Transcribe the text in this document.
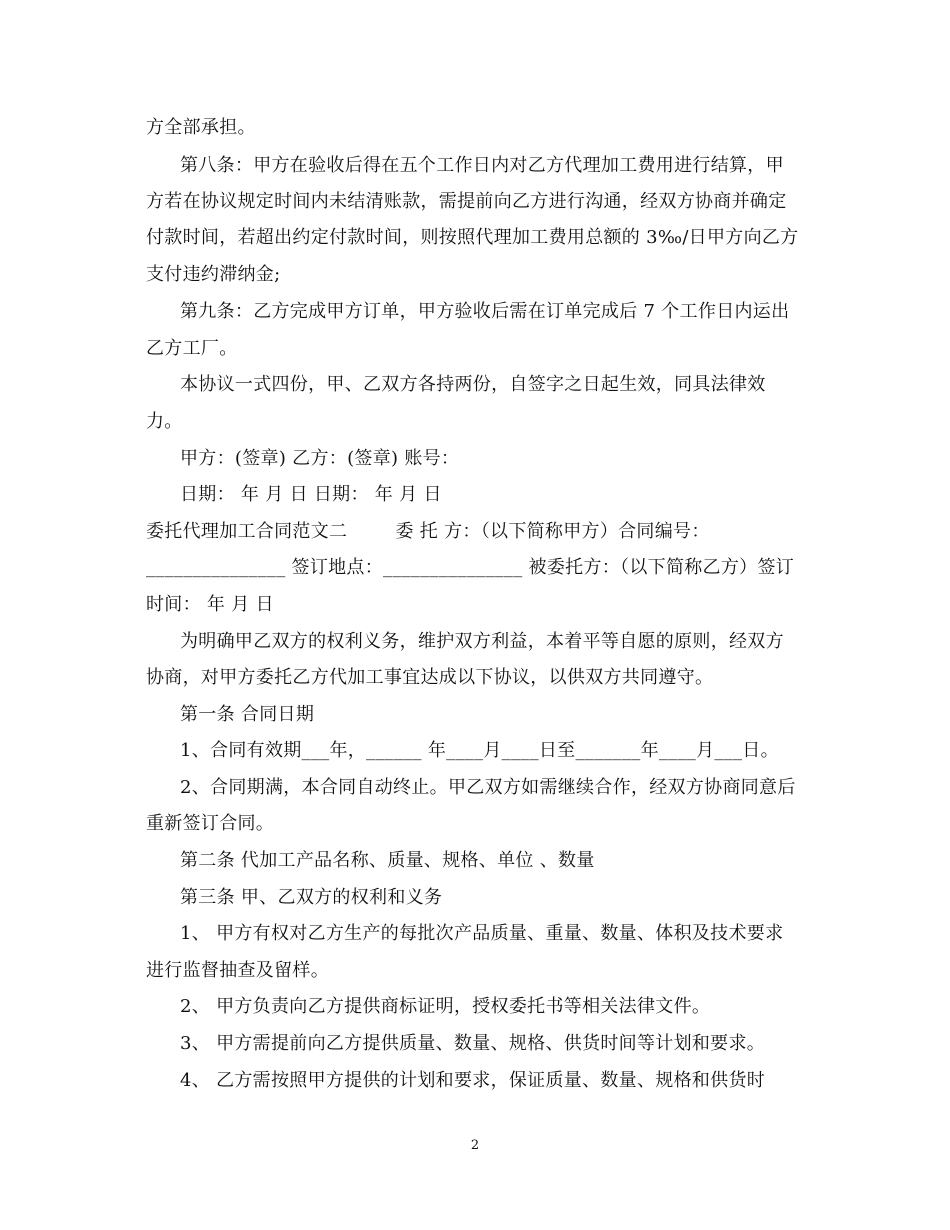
方全部承担。
第八条：甲方在验收后得在五个工作日内对乙方代理加工费用进行结算，甲
方若在协议规定时间内未结清账款，需提前向乙方进行沟通，经双方协商并确定
付款时间，若超出约定付款时间，则按照代理加工费用总额的 3‰/日甲方向乙方
支付违约滞纳金;
第九条：乙方完成甲方订单，甲方验收后需在订单完成后 7 个工作日内运出
乙方工厂。
本协议一式四份，甲、乙双方各持两份，自签字之日起生效，同具法律效
力。
甲方：(签章) 乙方：(签章) 账号：
日期： 年 月 日 日期： 年 月 日
委托代理加工合同范文二        委 托 方：（以下简称甲方）合同编号：
_______________ 签订地点：_______________ 被委托方：（以下简称乙方）签订
时间： 年 月 日
为明确甲乙双方的权利义务，维护双方利益，本着平等自愿的原则，经双方
协商，对甲方委托乙方代加工事宜达成以下协议，以供双方共同遵守。
第一条 合同日期
1、合同有效期___年，______ 年____月____日至_______年____月___日。
2、合同期满，本合同自动终止。甲乙双方如需继续合作，经双方协商同意后
重新签订合同。
第二条 代加工产品名称、质量、规格、单位 、数量
第三条 甲、乙双方的权利和义务
1、 甲方有权对乙方生产的每批次产品质量、重量、数量、体积及技术要求
进行监督抽查及留样。
2、 甲方负责向乙方提供商标证明，授权委托书等相关法律文件。
3、 甲方需提前向乙方提供质量、数量、规格、供货时间等计划和要求。
4、 乙方需按照甲方提供的计划和要求，保证质量、数量、规格和供货时
2
